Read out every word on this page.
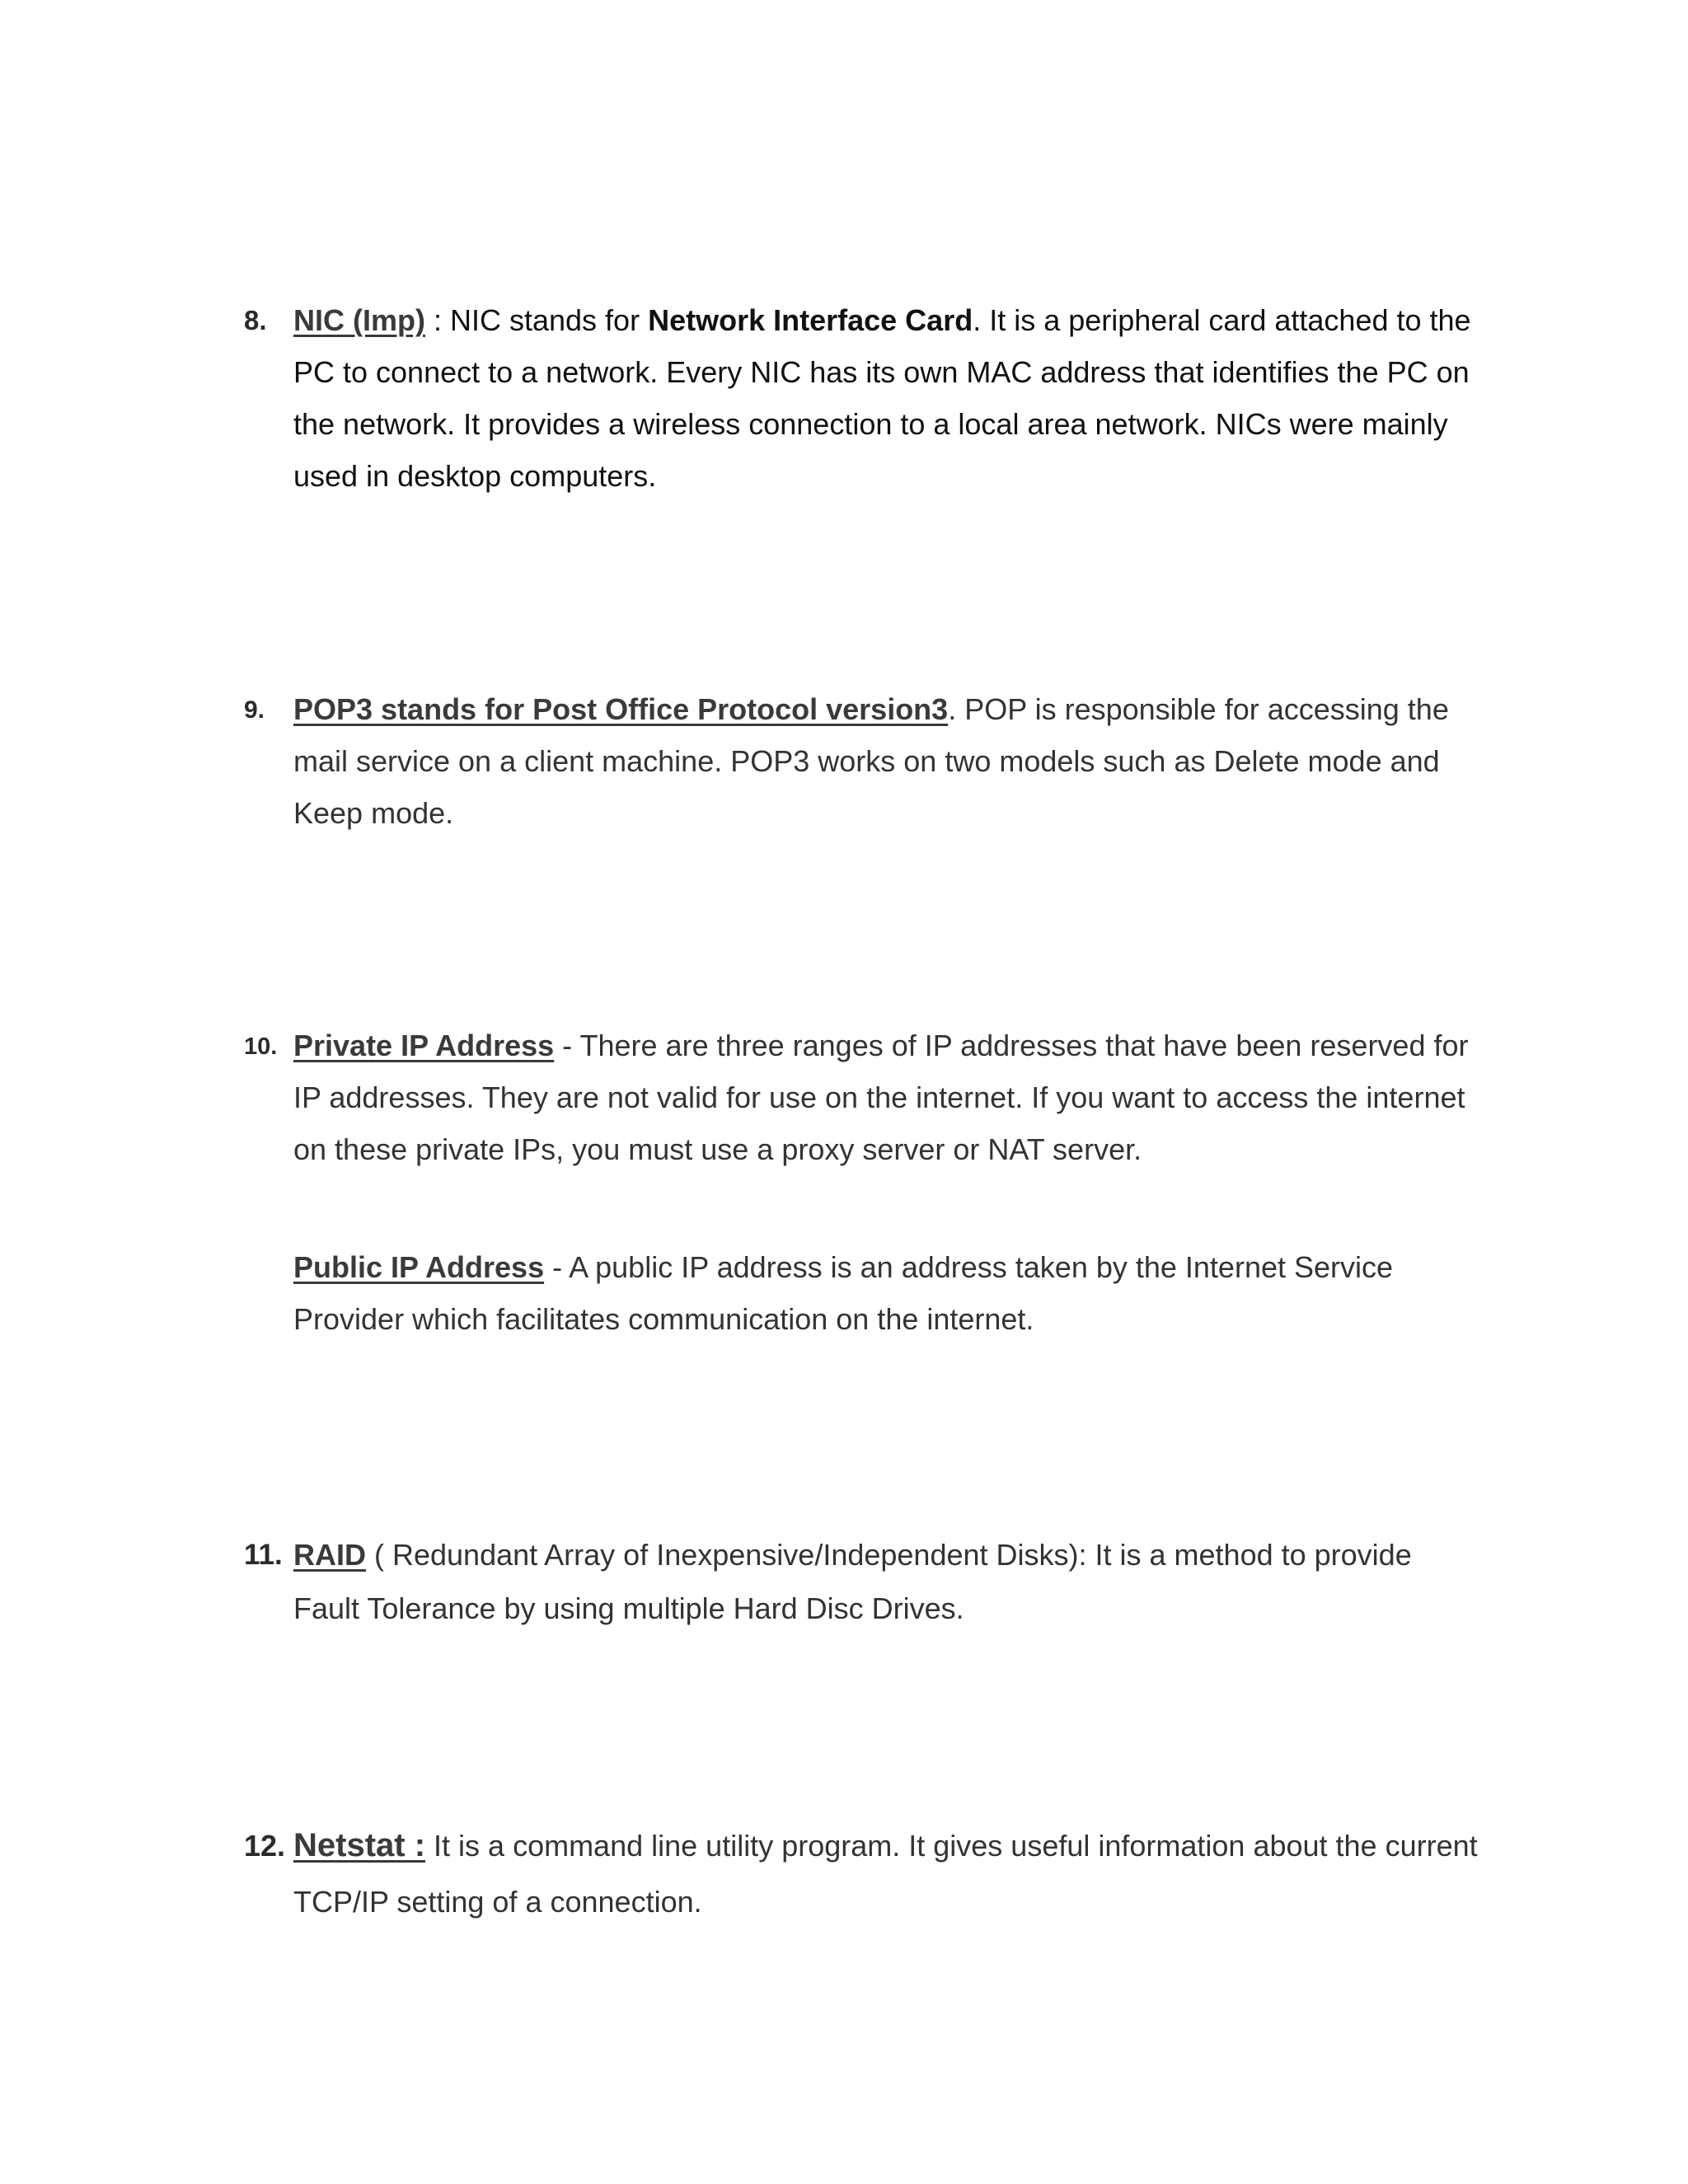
8. NIC (Imp) : NIC stands for Network Interface Card. It is a peripheral card attached to the PC to connect to a network. Every NIC has its own MAC address that identifies the PC on the network. It provides a wireless connection to a local area network. NICs were mainly used in desktop computers.
9. POP3 stands for Post Office Protocol version3. POP is responsible for accessing the mail service on a client machine. POP3 works on two models such as Delete mode and Keep mode.
10. Private IP Address - There are three ranges of IP addresses that have been reserved for IP addresses. They are not valid for use on the internet. If you want to access the internet on these private IPs, you must use a proxy server or NAT server.
Public IP Address - A public IP address is an address taken by the Internet Service Provider which facilitates communication on the internet.
11. RAID ( Redundant Array of Inexpensive/Independent Disks): It is a method to provide Fault Tolerance by using multiple Hard Disc Drives.
12. Netstat : It is a command line utility program. It gives useful information about the current TCP/IP setting of a connection.
